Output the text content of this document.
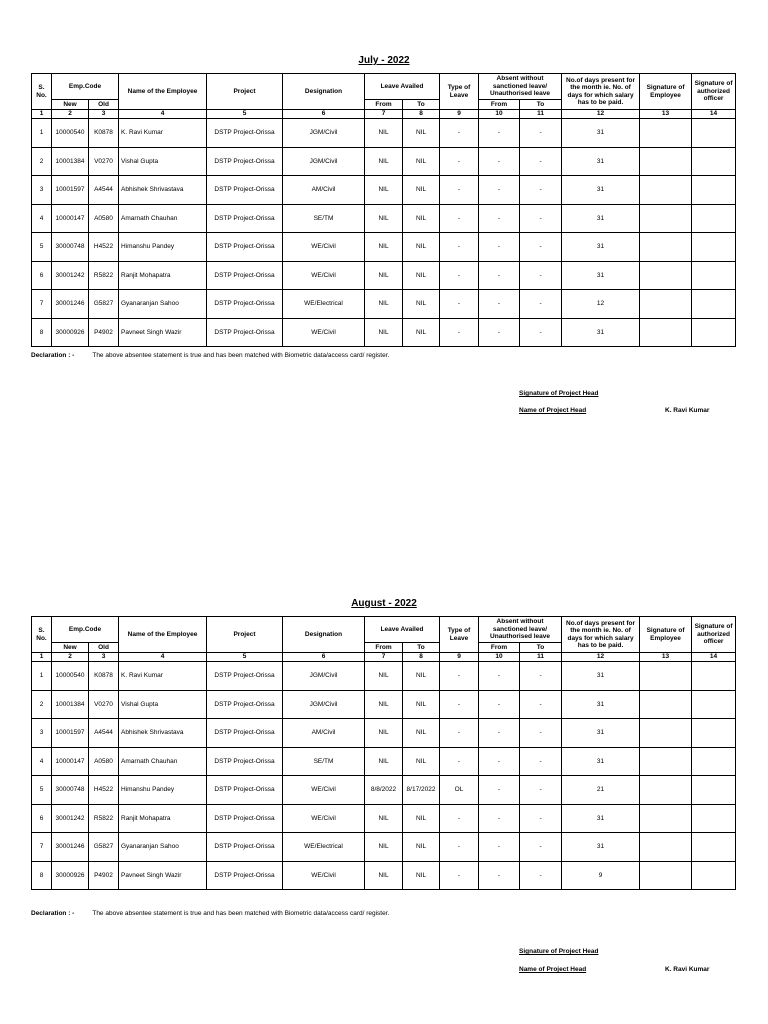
July - 2022
S. No.	Emp.Code		Name of the Employee	Project	Designation	Leave Availed		Type of Leave	Absent without sanctioned leave/ Unauthorised leave		No.of days present for the month ie. No. of days for which salary has to be paid.	Signature of Employee	Signature of authorized officer
	New	Old				From	To		From	To			
1	2	3	4	5	6	7	8	9	10	11	12	13	14
1	10000540	K0878	K. Ravi Kumar	DSTP Project-Orissa	JGM/Civil	NIL	NIL	-	-	-	31		
2	10001384	V0270	Vishal Gupta	DSTP Project-Orissa	JGM/Civil	NIL	NIL	-	-	-	31		
3	10001597	A4544	Abhishek Shrivastava	DSTP Project-Orissa	AM/Civil	NIL	NIL	-	-	-	31		
4	10000147	A0580	Amarnath Chauhan	DSTP Project-Orissa	SE/TM	NIL	NIL	-	-	-	31		
5	30000748	H4522	Himanshu Pandey	DSTP Project-Orissa	WE/Civil	NIL	NIL	-	-	-	31		
6	30001242	R5822	Ranjit Mohapatra	DSTP Project-Orissa	WE/Civil	NIL	NIL	-	-	-	31		
7	30001246	G5827	Gyanaranjan Sahoo	DSTP Project-Orissa	WE/Electrical	NIL	NIL	-	-	-	12		
8	30000926	P4902	Pavneet Singh Wazir	DSTP Project-Orissa	WE/Civil	NIL	NIL	-	-	-	31		
Declaration : -	The above absentee statement is true and has been matched with Biometric data/access card/ register.
Signature of Project Head
Name of Project Head	K. Ravi Kumar
August - 2022
S. No.	Emp.Code		Name of the Employee	Project	Designation	Leave Availed		Type of Leave	Absent without sanctioned leave/ Unauthorised leave		No.of days present for the month ie. No. of days for which salary has to be paid.	Signature of Employee	Signature of authorized officer
	New	Old				From	To		From	To			
1	2	3	4	5	6	7	8	9	10	11	12	13	14
1	10000540	K0878	K. Ravi Kumar	DSTP Project-Orissa	JGM/Civil	NIL	NIL	-	-	-	31		
2	10001384	V0270	Vishal Gupta	DSTP Project-Orissa	JGM/Civil	NIL	NIL	-	-	-	31		
3	10001597	A4544	Abhishek Shrivastava	DSTP Project-Orissa	AM/Civil	NIL	NIL	-	-	-	31		
4	10000147	A0580	Amarnath Chauhan	DSTP Project-Orissa	SE/TM	NIL	NIL	-	-	-	31		
5	30000748	H4522	Himanshu Pandey	DSTP Project-Orissa	WE/Civil	8/8/2022	8/17/2022	OL	-	-	21		
6	30001242	R5822	Ranjit Mohapatra	DSTP Project-Orissa	WE/Civil	NIL	NIL	-	-	-	31		
7	30001246	G5827	Gyanaranjan Sahoo	DSTP Project-Orissa	WE/Electrical	NIL	NIL	-	-	-	31		
8	30000926	P4902	Pavneet Singh Wazir	DSTP Project-Orissa	WE/Civil	NIL	NIL	-	-	-	9		
Declaration : -	The above absentee statement is true and has been matched with Biometric data/access card/ register.
Signature of Project Head
Name of Project Head	K. Ravi Kumar
